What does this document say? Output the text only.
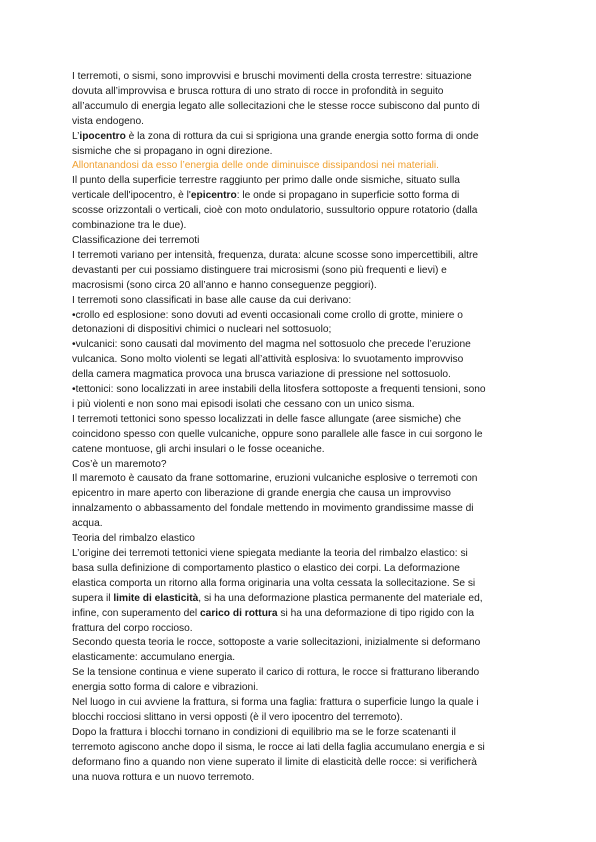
I terremoti, o sismi, sono improvvisi e bruschi movimenti della crosta terrestre: situazione
dovuta all’improvvisa e brusca rottura di uno strato di rocce in profondità in seguito
all’accumulo di energia legato alle sollecitazioni che le stesse rocce subiscono dal punto di
vista endogeno.
L’ipocentro è la zona di rottura da cui si sprigiona una grande energia sotto forma di onde
sismiche che si propagano in ogni direzione.
Allontanandosi da esso l’energia delle onde diminuisce dissipandosi nei materiali.
Il punto della superficie terrestre raggiunto per primo dalle onde sismiche, situato sulla
verticale dell'ipocentro, è l'epicentro: le onde si propagano in superficie sotto forma di
scosse orizzontali o verticali, cioè con moto ondulatorio, sussultorio oppure rotatorio (dalla
combinazione tra le due).
Classificazione dei terremoti
I terremoti variano per intensità, frequenza, durata: alcune scosse sono impercettibili, altre
devastanti per cui possiamo distinguere trai microsismi (sono più frequenti e lievi) e
macrosismi (sono circa 20 all’anno e hanno conseguenze peggiori).
I terremoti sono classificati in base alle cause da cui derivano:
•crollo ed esplosione: sono dovuti ad eventi occasionali come crollo di grotte, miniere o
detonazioni di dispositivi chimici o nucleari nel sottosuolo;
•vulcanici: sono causati dal movimento del magma nel sottosuolo che precede l’eruzione
vulcanica. Sono molto violenti se legati all’attività esplosiva: lo svuotamento improvviso
della camera magmatica provoca una brusca variazione di pressione nel sottosuolo.
•tettonici: sono localizzati in aree instabili della litosfera sottoposte a frequenti tensioni, sono
i più violenti e non sono mai episodi isolati che cessano con un unico sisma.
I terremoti tettonici sono spesso localizzati in delle fasce allungate (aree sismiche) che
coincidono spesso con quelle vulcaniche, oppure sono parallele alle fasce in cui sorgono le
catene montuose, gli archi insulari o le fosse oceaniche.
Cos’è un maremoto?
Il maremoto è causato da frane sottomarine, eruzioni vulcaniche esplosive o terremoti con
epicentro in mare aperto con liberazione di grande energia che causa un improvviso
innalzamento o abbassamento del fondale mettendo in movimento grandissime masse di
acqua.
Teoria del rimbalzo elastico
L’origine dei terremoti tettonici viene spiegata mediante la teoria del rimbalzo elastico: si
basa sulla definizione di comportamento plastico o elastico dei corpi. La deformazione
elastica comporta un ritorno alla forma originaria una volta cessata la sollecitazione. Se si
supera il limite di elasticità, si ha una deformazione plastica permanente del materiale ed,
infine, con superamento del carico di rottura si ha una deformazione di tipo rigido con la
frattura del corpo roccioso.
Secondo questa teoria le rocce, sottoposte a varie sollecitazioni, inizialmente si deformano
elasticamente: accumulano energia.
Se la tensione continua e viene superato il carico di rottura, le rocce si fratturano liberando
energia sotto forma di calore e vibrazioni.
Nel luogo in cui avviene la frattura, si forma una faglia: frattura o superficie lungo la quale i
blocchi rocciosi slittano in versi opposti (è il vero ipocentro del terremoto).
Dopo la frattura i blocchi tornano in condizioni di equilibrio ma se le forze scatenanti il
terremoto agiscono anche dopo il sisma, le rocce ai lati della faglia accumulano energia e si
deformano fino a quando non viene superato il limite di elasticità delle rocce: si verificherà
una nuova rottura e un nuovo terremoto.
